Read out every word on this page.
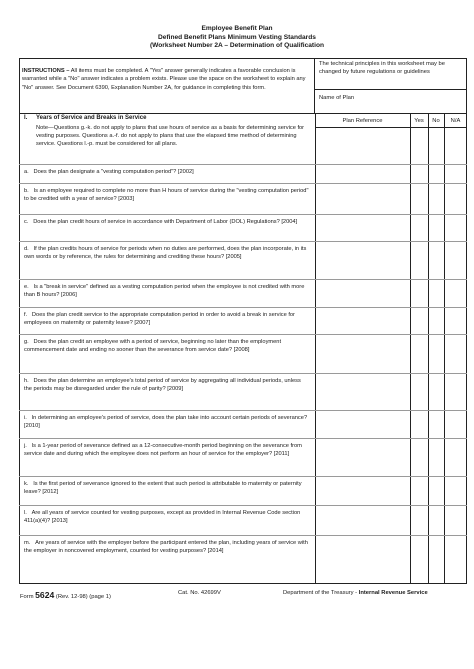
Employee Benefit Plan
Defined Benefit Plans Minimum Vesting Standards
(Worksheet Number 2A – Determination of Qualification
INSTRUCTIONS – All items must be completed. A "Yes" answer generally indicates a favorable conclusion is warranted while a "No" answer indicates a problem exists. Please use the space on the worksheet to explain any "No" answer. See Document 6390, Explanation Number 2A, for guidance in completing this form.
The technical principles in this worksheet may be changed by future regulations or guidelines
Name of Plan
Plan Reference	Yes	No	N/A
I. Years of Service and Breaks in Service
Note—Questions g.-k. do not apply to plans that use hours of service as a basis for determining service for vesting purposes. Questions a.-f. do not apply to plans that use the elapsed time method of determining service. Questions l.-p. must be considered for all plans.
a. Does the plan designate a "vesting computation period"? [2002]
b. Is an employee required to complete no more than H hours of service during the "vesting computation period" to be credited with a year of service? [2003]
c. Does the plan credit hours of service in accordance with Department of Labor (DOL) Regulations? [2004]
d. If the plan credits hours of service for periods when no duties are performed, does the plan incorporate, in its own words or by reference, the rules for determining and crediting these hours? [2005]
e. Is a "break in service" defined as a vesting computation period when the employee is not credited with more than B hours? [2006]
f. Does the plan credit service to the appropriate computation period in order to avoid a break in service for employees on maternity or paternity leave? [2007]
g. Does the plan credit an employee with a period of service, beginning no later than the employment commencement date and ending no sooner than the severance from service date? [2008]
h. Does the plan determine an employee's total period of service by aggregating all individual periods, unless the periods may be disregarded under the rule of parity? [2009]
i. In determining an employee's period of service, does the plan take into account certain periods of severance? [2010]
j. Is a 1-year period of severance defined as a 12-consecutive-month period beginning on the severance from service date and during which the employee does not perform an hour of service for the employer? [2011]
k. Is the first period of severance ignored to the extent that such period is attributable to maternity or paternity leave? [2012]
l. Are all years of service counted for vesting purposes, except as provided in Internal Revenue Code section 411(a)(4)? [2013]
m. Are years of service with the employer before the participant entered the plan, including years of service with the employer in noncovered employment, counted for vesting purposes? [2014]
Form 5624 (Rev. 12-98) (page 1)
Cat. No. 42699V	Department of the Treasury - Internal Revenue Service
